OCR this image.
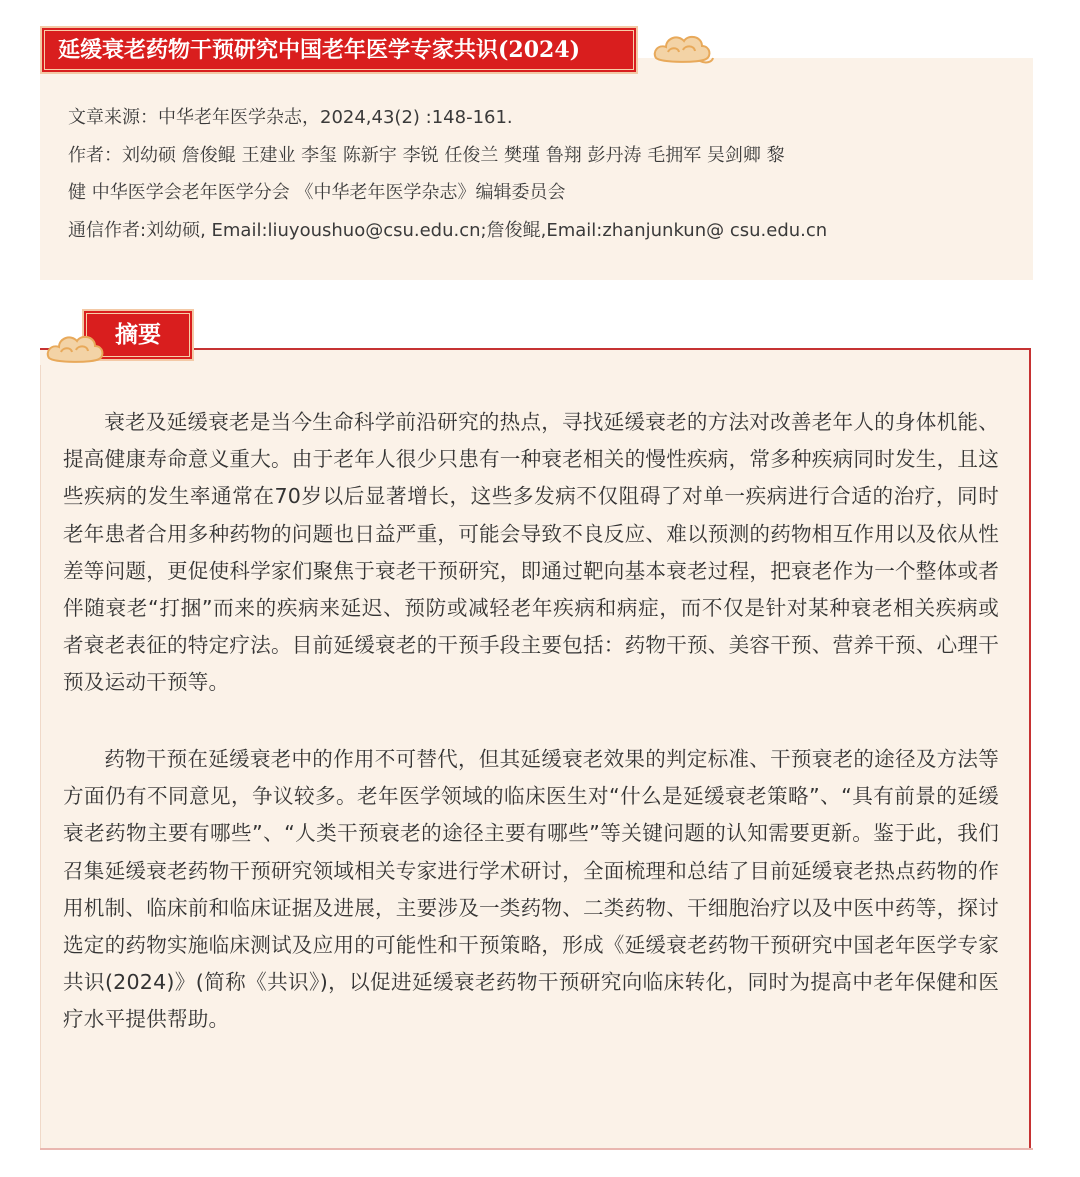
延缓衰老药物干预研究中国老年医学专家共识(2024)
文章来源：中华老年医学杂志，2024,43(2) :148-161.
作者：刘幼硕 詹俊鲲 王建业 李玺 陈新宇 李锐 任俊兰 樊瑾 鲁翔 彭丹涛 毛拥军 吴剑卿 黎
健 中华医学会老年医学分会 《中华老年医学杂志》编辑委员会
通信作者:刘幼硕, Email:liuyoushuo@csu.edu.cn;詹俊鲲,Email:zhanjunkun@ csu.edu.cn
摘要
衰老及延缓衰老是当今生命科学前沿研究的热点，寻找延缓衰老的方法对改善老年人的身体机能、提高健康寿命意义重大。由于老年人很少只患有一种衰老相关的慢性疾病，常多种疾病同时发生，且这些疾病的发生率通常在70岁以后显著增长，这些多发病不仅阻碍了对单一疾病进行合适的治疗，同时老年患者合用多种药物的问题也日益严重，可能会导致不良反应、难以预测的药物相互作用以及依从性差等问题，更促使科学家们聚焦于衰老干预研究，即通过靶向基本衰老过程，把衰老作为一个整体或者伴随衰老“打捆”而来的疾病来延迟、预防或减轻老年疾病和病症，而不仅是针对某种衰老相关疾病或者衰老表征的特定疗法。目前延缓衰老的干预手段主要包括：药物干预、美容干预、营养干预、心理干预及运动干预等。
药物干预在延缓衰老中的作用不可替代，但其延缓衰老效果的判定标准、干预衰老的途径及方法等方面仍有不同意见，争议较多。老年医学领域的临床医生对“什么是延缓衰老策略”、“具有前景的延缓衰老药物主要有哪些”、“人类干预衰老的途径主要有哪些”等关键问题的认知需要更新。鉴于此，我们召集延缓衰老药物干预研究领域相关专家进行学术研讨，全面梳理和总结了目前延缓衰老热点药物的作用机制、临床前和临床证据及进展，主要涉及一类药物、二类药物、干细胞治疗以及中医中药等，探讨选定的药物实施临床测试及应用的可能性和干预策略，形成《延缓衰老药物干预研究中国老年医学专家共识(2024)》(简称《共识》)，以促进延缓衰老药物干预研究向临床转化，同时为提高中老年保健和医疗水平提供帮助。
